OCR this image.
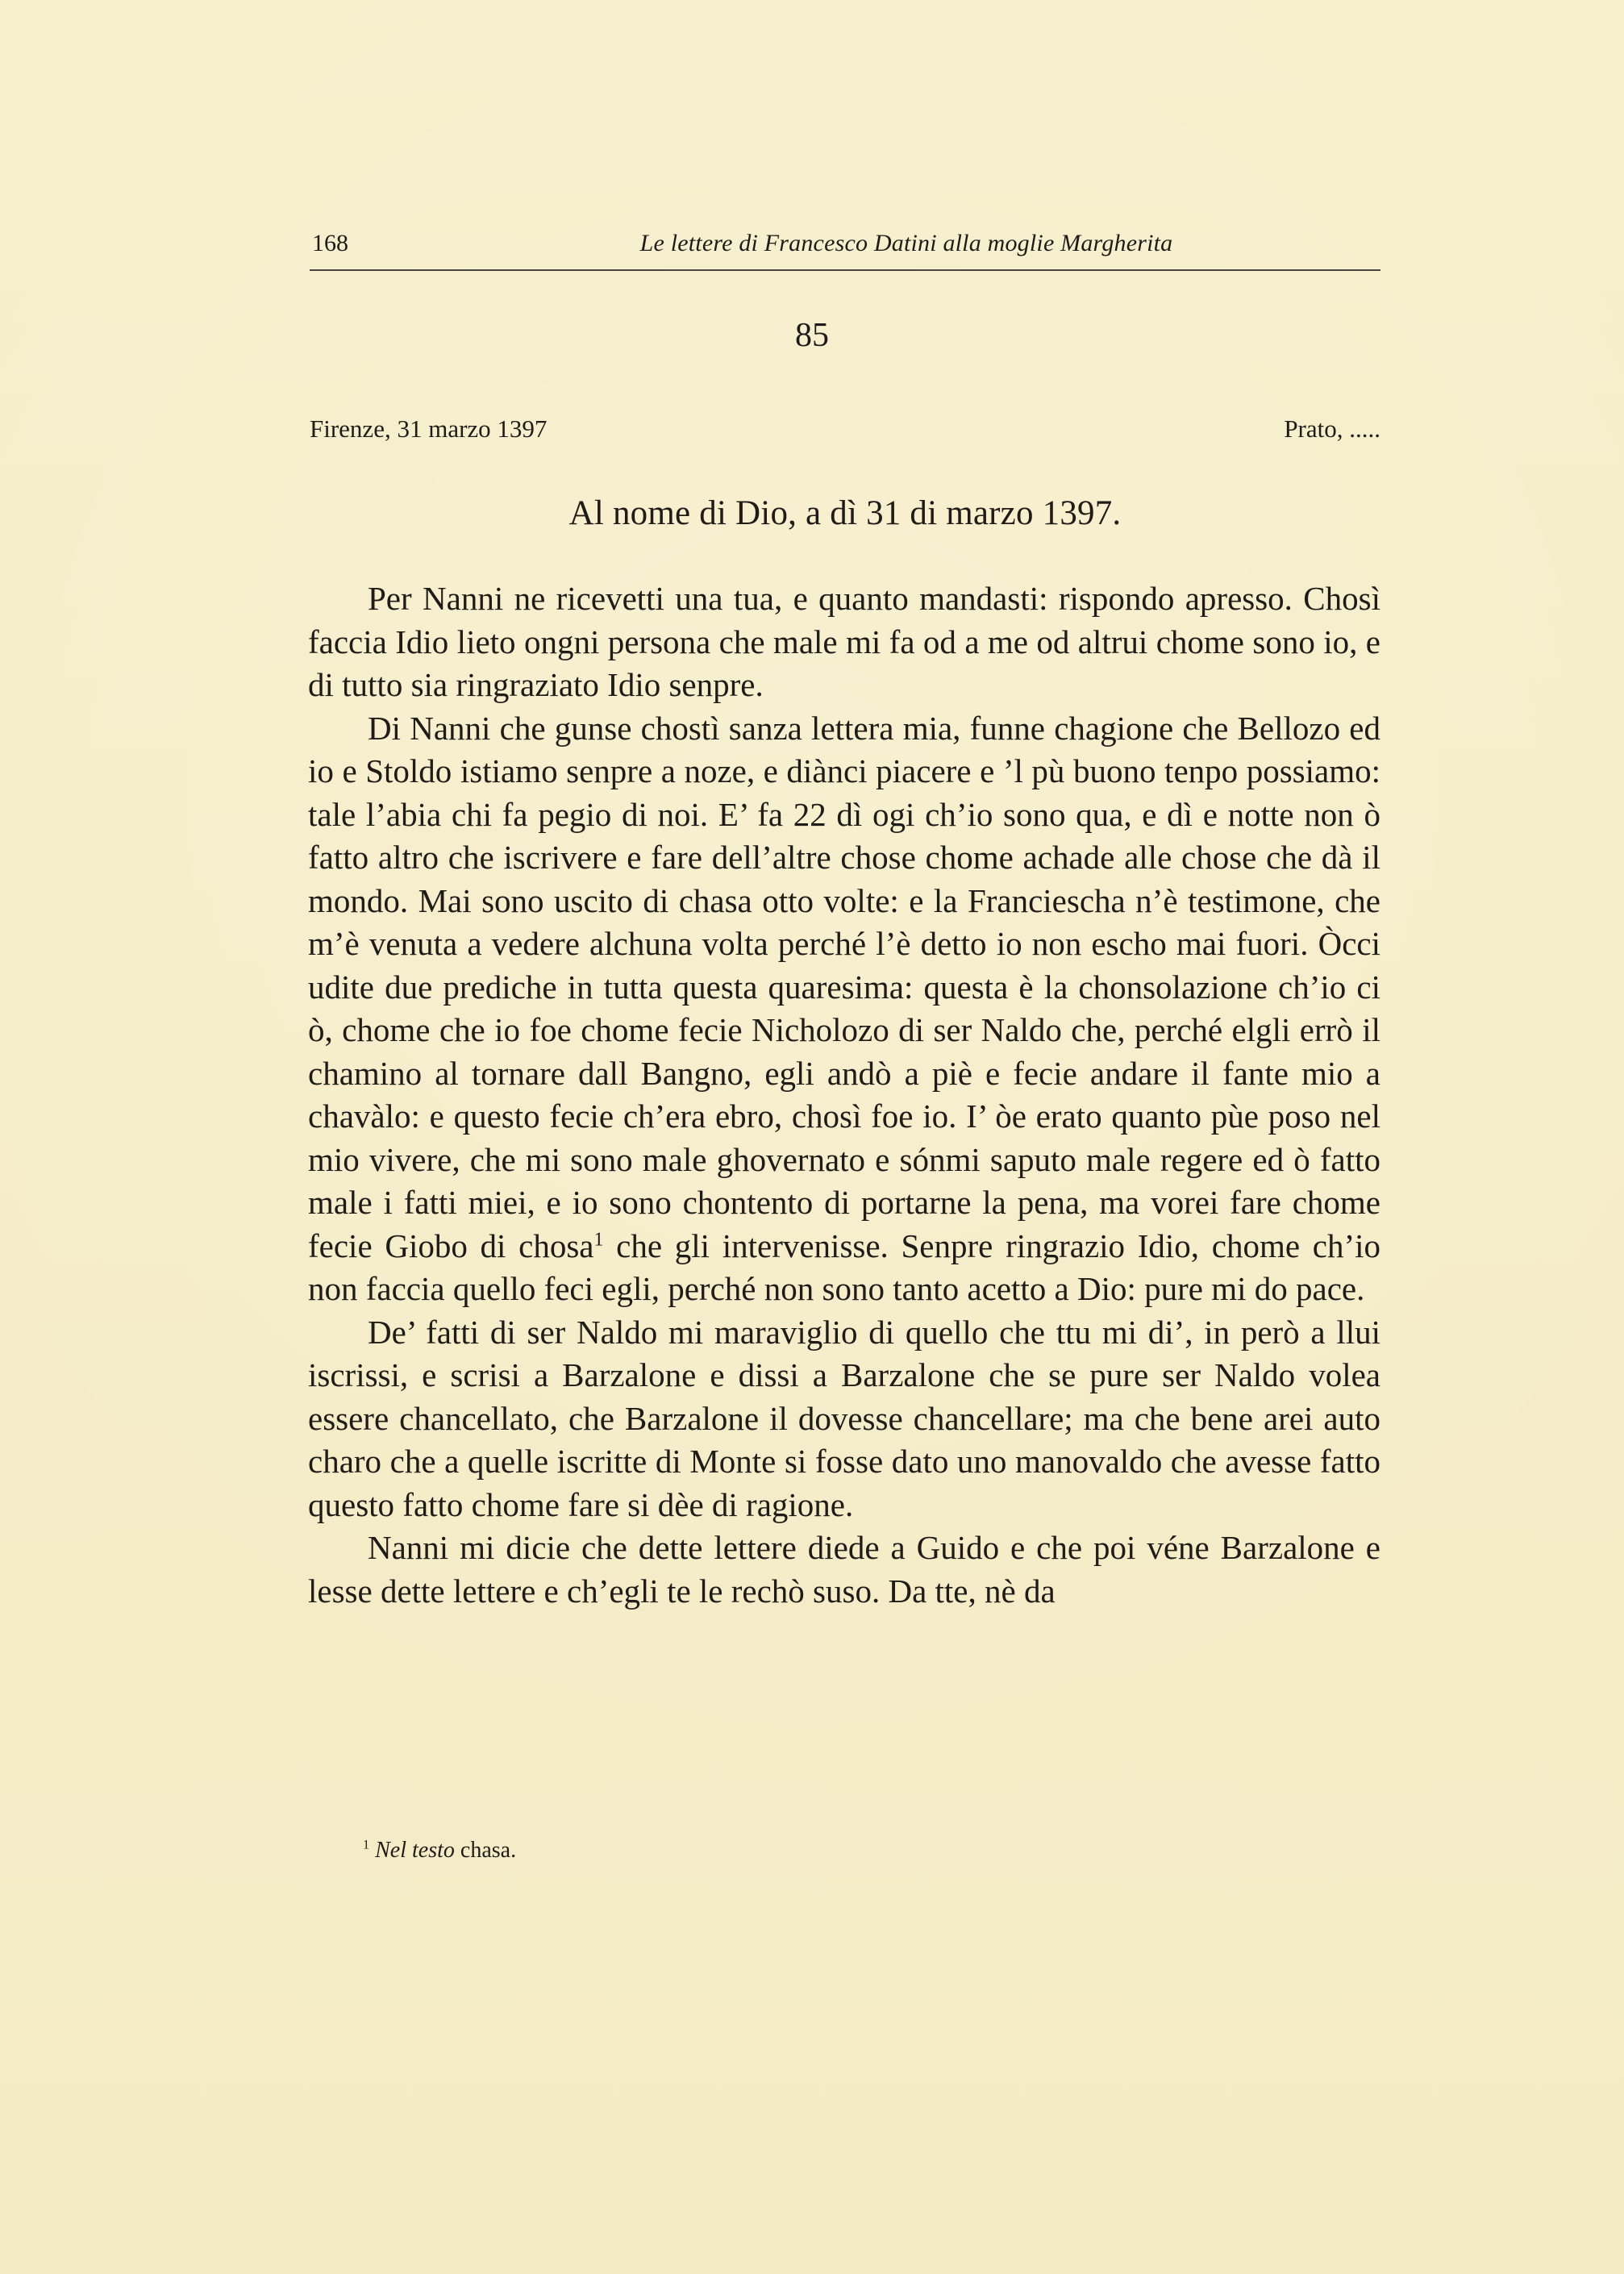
168	Le lettere di Francesco Datini alla moglie Margherita
85
Firenze, 31 marzo 1397	Prato, .....
Al nome di Dio, a dì 31 di marzo 1397.

Per Nanni ne ricevetti una tua, e quanto mandasti: rispondo apresso. Chosì faccia Idio lieto ongni persona che male mi fa od a me od altrui chome sono io, e di tutto sia ringraziato Idio senpre.

Di Nanni che gunse chostì sanza lettera mia, funne chagione che Bellozo ed io e Stoldo istiamo senpre a noze, e diànci piacere e ’l pù buono tenpo possiamo: tale l’abia chi fa pegio di noi. E’ fa 22 dì ogi ch’io sono qua, e dì e notte non ò fatto altro che iscrivere e fare dell’altre chose chome achade alle chose che dà il mondo. Mai sono uscito di chasa otto volte: e la Franciescha n’è testimone, che m’è venuta a vedere alchuna volta perché l’è detto io non escho mai fuori. Òcci udite due prediche in tutta questa quaresima: questa è la chonsolazione ch’io ci ò, chome che io foe chome fecie Nicholozo di ser Naldo che, perché elgli errò il chamino al tornare dall Bangno, egli andò a piè e fecie andare il fante mio a chavàlo: e questo fecie ch’era ebro, chosì foe io. I’ òe erato quanto pùe poso nel mio vivere, che mi sono male ghovernato e sónmi saputo male regere ed ò fatto male i fatti miei, e io sono chontento di portarne la pena, ma vorei fare chome fecie Giobo di chosa$^1$ che gli intervenisse. Senpre ringrazio Idio, chome ch’io non faccia quello feci egli, perché non sono tanto acetto a Dio: pure mi do pace.

De’ fatti di ser Naldo mi maraviglio di quello che ttu mi di’, in però a llui iscrissi, e scrisi a Barzalone e dissi a Barzalone che se pure ser Naldo volea essere chancellato, che Barzalone il dovesse chancellare; ma che bene arei auto charo che a quelle iscritte di Monte si fosse dato uno manovaldo che avesse fatto questo fatto chome fare si dèe di ragione.

Nanni mi dicie che dette lettere diede a Guido e che poi véne Barzalone e lesse dette lettere e ch’egli te le rechò suso. Da tte, nè da

$^1$ Nel testo chasa.
